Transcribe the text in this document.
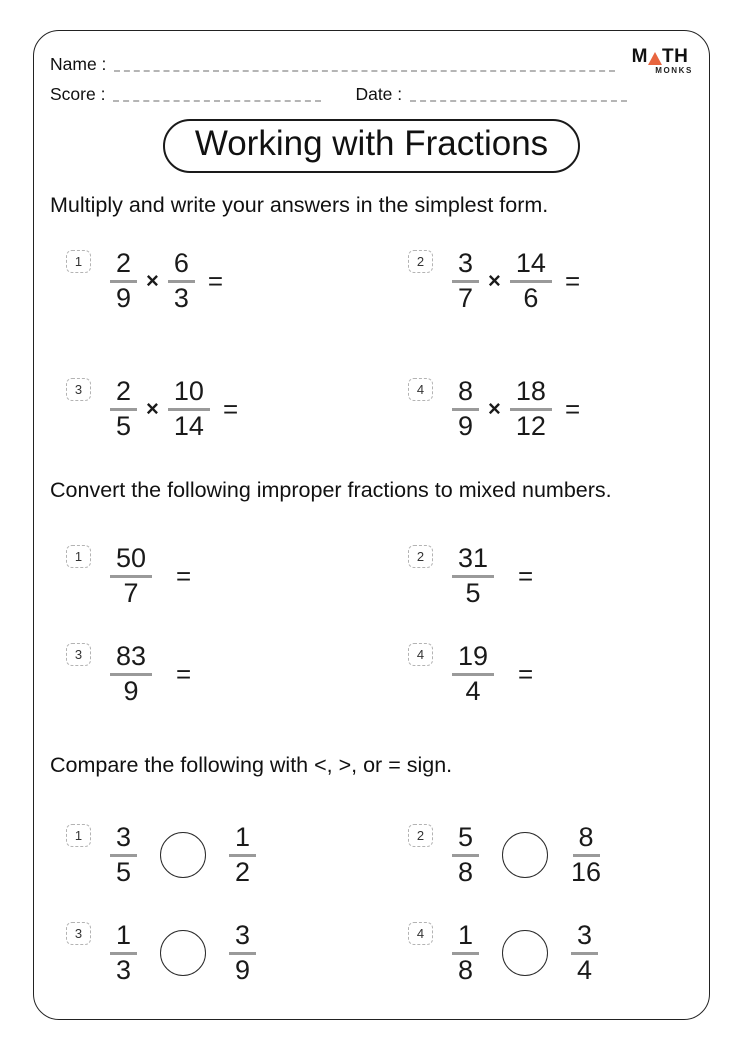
Name :	M TH
MONKS
Score :	Date :
Working with Fractions
Multiply and write your answers in the simplest form.
1	$\frac{2}{9} \times \frac{6}{3}$ =
2	$\frac{3}{7} \times \frac{14}{6}$ =
3	$\frac{2}{5} \times \frac{10}{14}$ =
4	$\frac{8}{9} \times \frac{18}{12}$ =
Convert the following improper fractions to mixed numbers.
1	$\frac{50}{7}$ =
2	$\frac{31}{5}$ =
3	$\frac{83}{9}$ =
4	$\frac{19}{4}$ =
Compare the following with <, >, or = sign.
1	$\frac{3}{5}$	$\frac{1}{2}$	2	$\frac{5}{8}$	$\frac{8}{16}$
3	$\frac{1}{3}$	$\frac{3}{9}$	4	$\frac{1}{8}$	$\frac{3}{4}$
